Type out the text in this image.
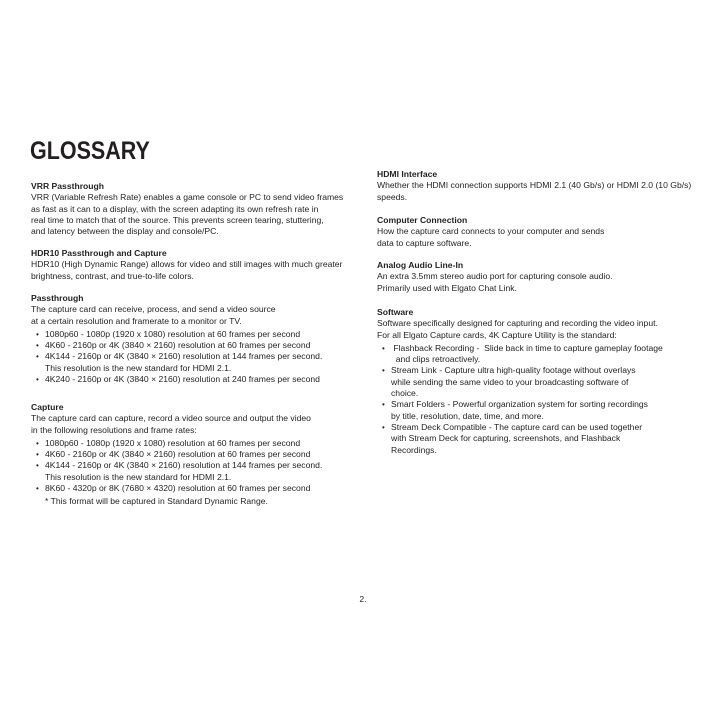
GLOSSARY
VRR Passthrough
VRR (Variable Refresh Rate) enables a game console or PC to send video frames
as fast as it can to a display, with the screen adapting its own refresh rate in
real time to match that of the source. This prevents screen tearing, stuttering,
and latency between the display and console/PC.
HDR10 Passthrough and Capture
HDR10 (High Dynamic Range) allows for video and still images with much greater
brightness, contrast, and true-to-life colors.
Passthrough
The capture card can receive, process, and send a video source
at a certain resolution and framerate to a monitor or TV.
• 1080p60 - 1080p (1920 x 1080) resolution at 60 frames per second
• 4K60 - 2160p or 4K (3840 × 2160) resolution at 60 frames per second
• 4K144 - 2160p or 4K (3840 × 2160) resolution at 144 frames per second.
This resolution is the new standard for HDMI 2.1.
• 4K240 - 2160p or 4K (3840 × 2160) resolution at 240 frames per second
Capture
The capture card can capture, record a video source and output the video
in the following resolutions and frame rates:
• 1080p60 - 1080p (1920 x 1080) resolution at 60 frames per second
• 4K60 - 2160p or 4K (3840 × 2160) resolution at 60 frames per second
• 4K144 - 2160p or 4K (3840 × 2160) resolution at 144 frames per second.
This resolution is the new standard for HDMI 2.1.
• 8K60 - 4320p or 8K (7680 × 4320) resolution at 60 frames per second
* This format will be captured in Standard Dynamic Range.
HDMI Interface
Whether the HDMI connection supports HDMI 2.1 (40 Gb/s) or HDMI 2.0 (10 Gb/s)
speeds.
Computer Connection
How the capture card connects to your computer and sends
data to capture software.
Analog Audio Line-In
An extra 3.5mm stereo audio port for capturing console audio.
Primarily used with Elgato Chat Link.
Software
Software specifically designed for capturing and recording the video input.
For all Elgato Capture cards, 4K Capture Utility is the standard:
•  Flashback Recording -  Slide back in time to capture gameplay footage
and clips retroactively.
• Stream Link - Capture ultra high-quality footage without overlays
while sending the same video to your broadcasting software of
choice.
• Smart Folders - Powerful organization system for sorting recordings
by title, resolution, date, time, and more.
• Stream Deck Compatible - The capture card can be used together
with Stream Deck for capturing, screenshots, and Flashback
Recordings.
2.
